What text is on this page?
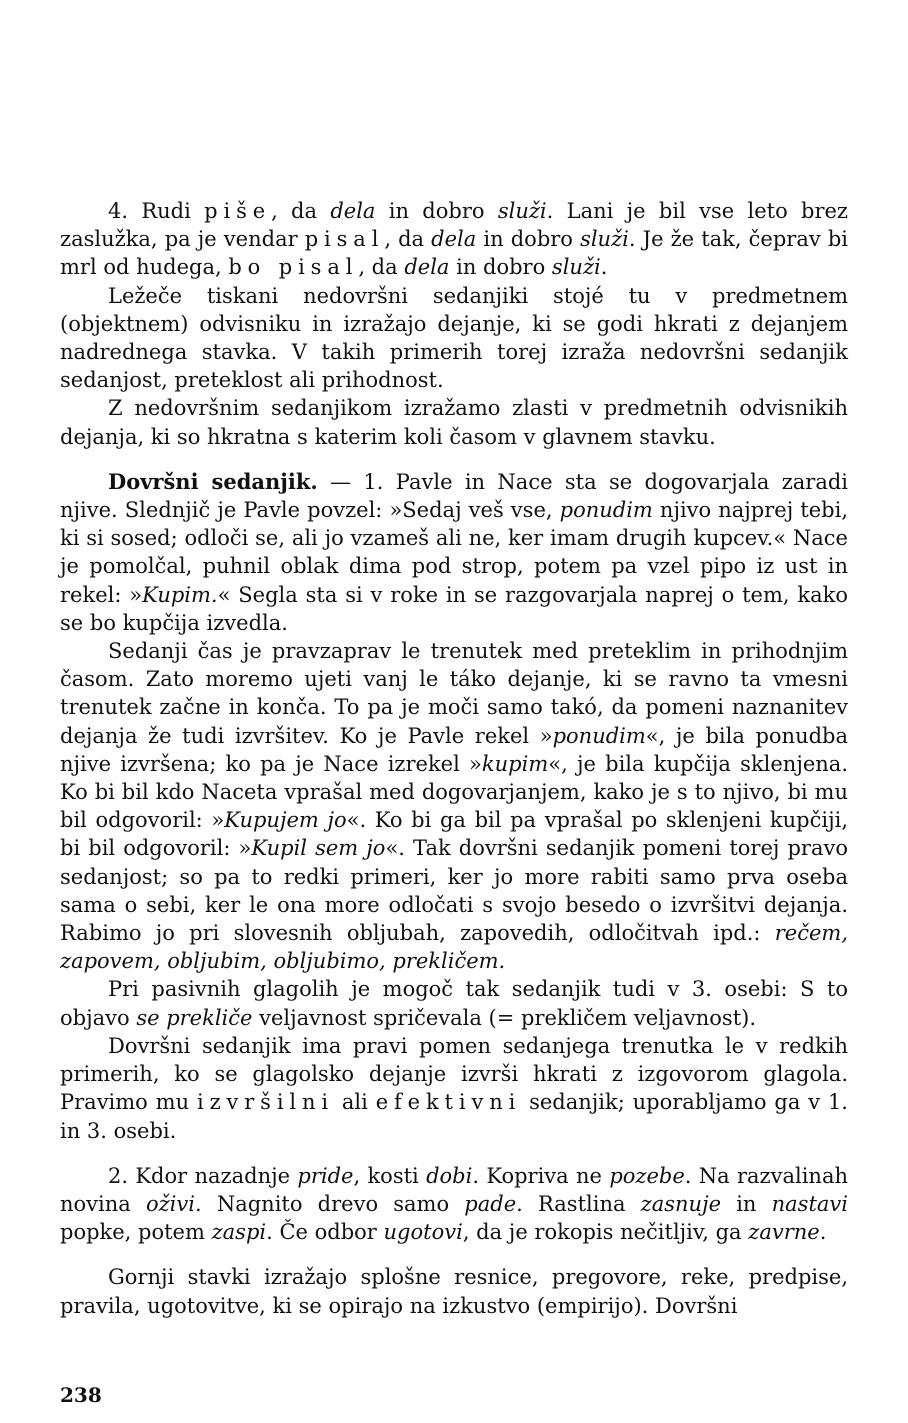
4. Rudi piše, da dela in dobro služi. Lani je bil vse leto brez zaslužka, pa je vendar pisal, da dela in dobro služi. Je že tak, čeprav bi mrl od hudega, bo pisal, da dela in dobro služi.

Ležeče tiskani nedovršni sedanjiki stojé tu v predmetnem (objektnem) odvisniku in izražajo dejanje, ki se godi hkrati z dejanjem nadrednega stavka. V takih primerih torej izraža nedovršni sedanjik sedanjost, preteklost ali prihodnost.

Z nedovršnim sedanjikom izražamo zlasti v predmetnih odvisnikih dejanja, ki so hkratna s katerim koli časom v glavnem stavku.

Dovršni sedanjik. — 1. Pavle in Nace sta se dogovarjala zaradi njive. Slednjič je Pavle povzel: »Sedaj veš vse, ponudim njivo najprej tebi, ki si sosed; odloči se, ali jo vzameš ali ne, ker imam drugih kupcev.« Nace je pomolčal, puhnil oblak dima pod strop, potem pa vzel pipo iz ust in rekel: »Kupim.« Segla sta si v roke in se razgovarjala naprej o tem, kako se bo kupčija izvedla.

Sedanji čas je pravzaprav le trenutek med preteklim in prihodnjim časom. Zato moremo ujeti vanj le táko dejanje, ki se ravno ta vmesni trenutek začne in konča. To pa je moči samo takó, da pomeni naznanitev dejanja že tudi izvršitev. Ko je Pavle rekel »ponudim«, je bila ponudba njive izvršena; ko pa je Nace izrekel »kupim«, je bila kupčija sklenjena. Ko bi bil kdo Naceta vprašal med dogovarjanjem, kako je s to njivo, bi mu bil odgovoril: »Kupujem jo«. Ko bi ga bil pa vprašal po sklenjeni kupčiji, bi bil odgovoril: »Kupil sem jo«. Tak dovršni sedanjik pomeni torej pravo sedanjost; so pa to redki primeri, ker jo more rabiti samo prva oseba sama o sebi, ker le ona more odločati s svojo besedo o izvršitvi dejanja. Rabimo jo pri slovesnih obljubah, zapovedih, odločitvah ipd.: rečem, zapovem, obljubim, obljubimo, prekličem.

Pri pasivnih glagolih je mogoč tak sedanjik tudi v 3. osebi: S to objavo se prekliče veljavnost spričevala (= prekličem veljavnost).

Dovršni sedanjik ima pravi pomen sedanjega trenutka le v redkih primerih, ko se glagolsko dejanje izvrši hkrati z izgovorom glagola. Pravimo mu izvršilni ali efektivni sedanjik; uporabljamo ga v 1. in 3. osebi.

2. Kdor nazadnje pride, kosti dobi. Kopriva ne pozebe. Na razvalinah novina oživi. Nagnito drevo samo pade. Rastlina zasnuje in nastavi popke, potem zaspi. Če odbor ugotovi, da je rokopis nečitljiv, ga zavrne.

Gornji stavki izražajo splošne resnice, pregovore, reke, predpise, pravila, ugotovitve, ki se opirajo na izkustvo (empirijo). Dovršni

238
